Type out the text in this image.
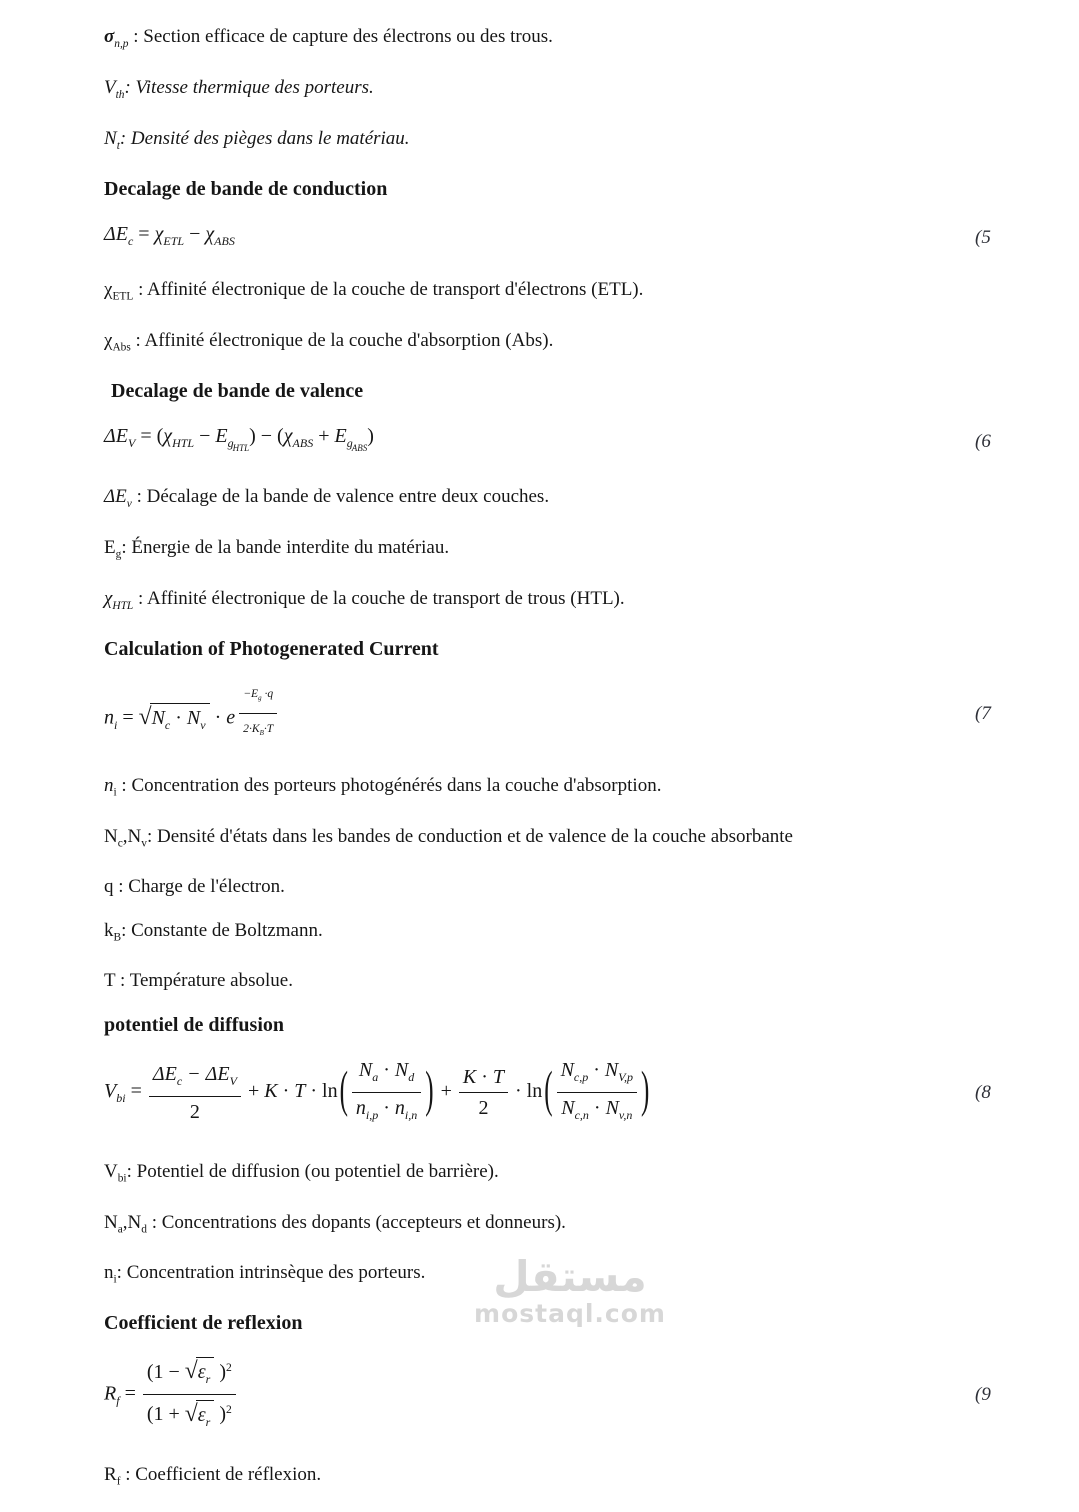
مستقل
mostaql.com
$\sigma_{n,p}$ : Section efficace de capture des électrons ou des trous.
$V_{th}$: Vitesse thermique des porteurs.
$N_t$: Densité des pièges dans le matériau.
Decalage de bande de conduction
$\Delta E_c = \chi_{ETL} - \chi_{ABS}$	(5
$\chi_{ETL}$ : Affinité électronique de la couche de transport d'électrons (ETL).
$\chi_{Abs}$ : Affinité électronique de la couche d'absorption (Abs).
Decalage de bande de valence
$\Delta E_V = (\chi_{HTL} - E_{gHTL}) - (\chi_{ABS} + E_{gABS})$	(6
$\Delta E_v$ : Décalage de la bande de valence entre deux couches.
$E_g$: Énergie de la bande interdite du matériau.
$\chi_{HTL}$ : Affinité électronique de la couche de transport de trous (HTL).
Calculation of Photogenerated Current
$n_i = √N_c \cdot N_v \cdot e \frac{-E_g \cdot q}{2\cdot K_B\cdot T}$	(7
$n_i$ : Concentration des porteurs photogénérés dans la couche d'absorption.
$N_c,N_v$: Densité d'états dans les bandes de conduction et de valence de la couche absorbante
q : Charge de l'électron.
$k_B$: Constante de Boltzmann.
T : Température absolue.
potentiel de diffusion
$V_{bi} = \frac{\Delta E_c - \Delta E_V}{2} + K \cdot T \cdot \ln( \frac{N_a \cdot N_d}{n_{i,p} \cdot n_{i,n}}$ ) + $\frac{K \cdot T}{2} \cdot \ln( \frac{N_{c,p} \cdot N_{V,p}}{N_{c,n} \cdot N_{v,n}}$ )	(8
$V_{bi}$: Potentiel de diffusion (ou potentiel de barrière).
$N_a,N_d$ : Concentrations des dopants (accepteurs et donneurs).
$n_i$: Concentration intrinsèque des porteurs.
Coefficient de reflexion
$R_f = \frac{(1 - √\varepsilon_r )^2}{(1 + √\varepsilon_r )^2}$	(9
$R_f$ : Coefficient de réflexion.
